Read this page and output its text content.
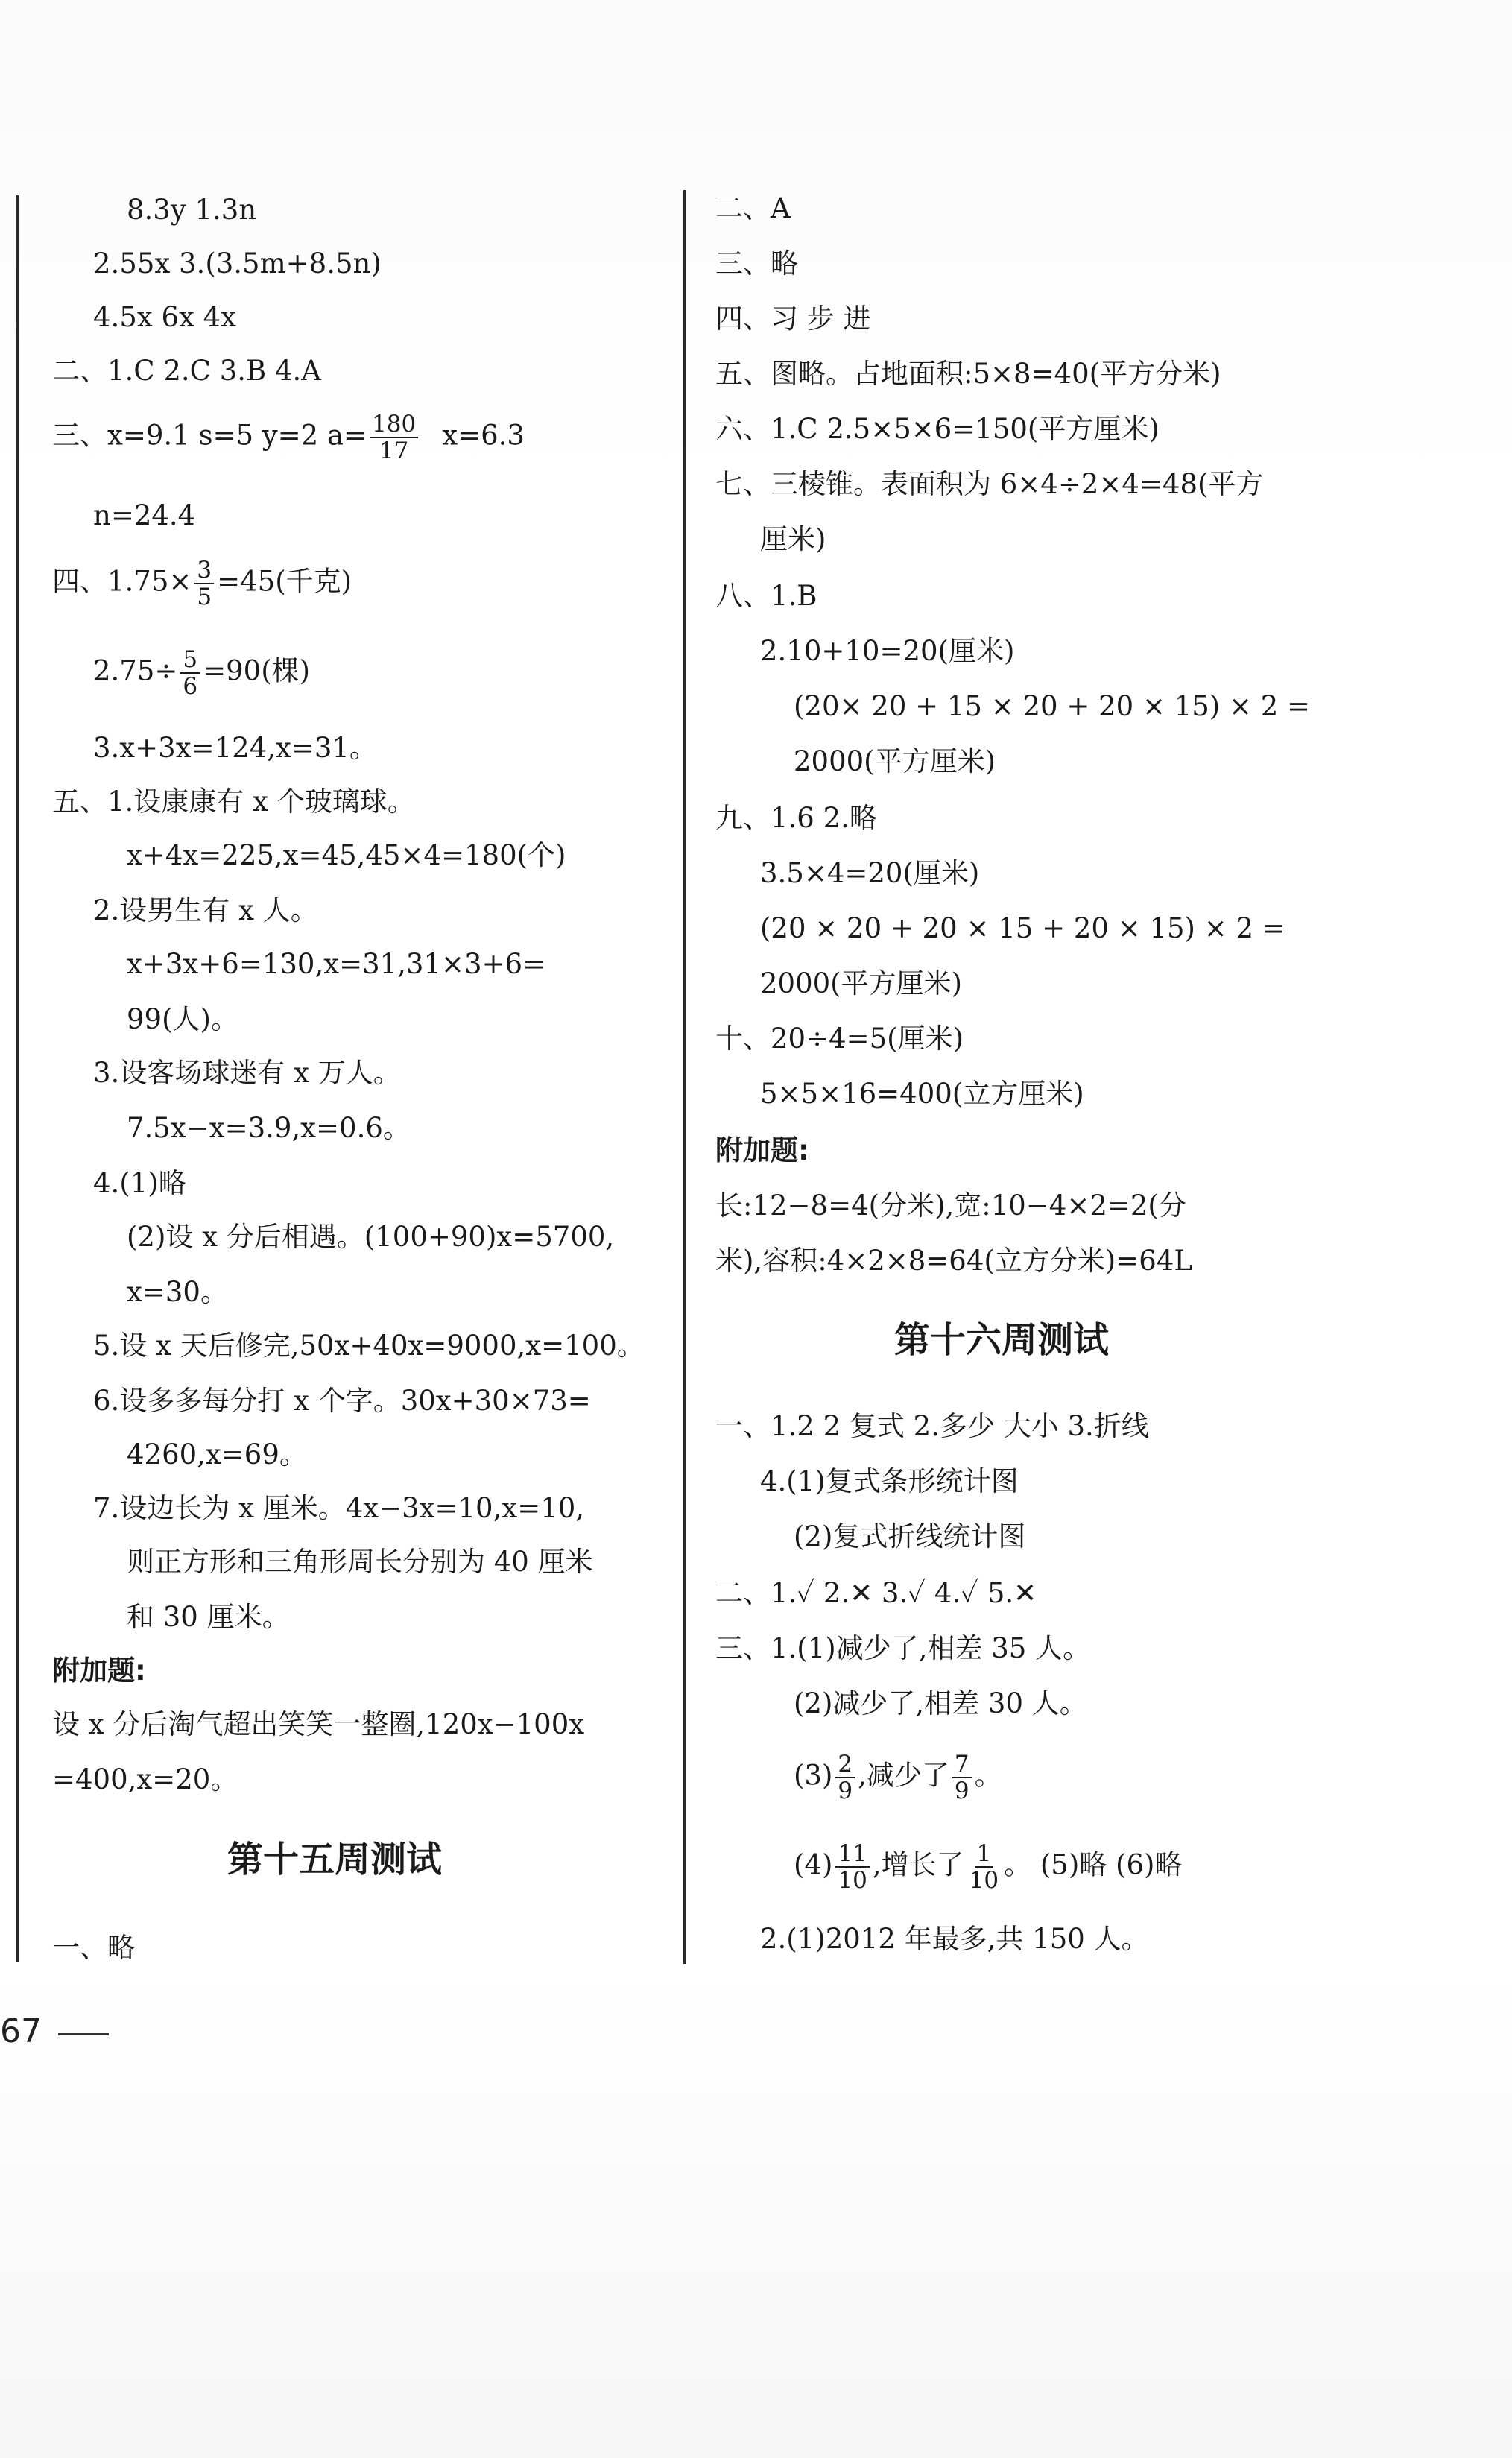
8.3y 1.3n
2.55x 3.(3.5m+8.5n)
4.5x 6x 4x
二、1.C 2.C 3.B 4.A
三、x=9.1 s=5 y=2 $a= \frac{180}{17} x=6.3$
n=24.4
四、$1.75\times \frac{3}{5} =45$(千克)
$2.75\div \frac{5}{6} =90$(棵)
3.x+3x=124,x=31。
五、1.设康康有 x 个玻璃球。
x+4x=225,x=45,45×4=180(个)
2.设男生有 x 人。
x+3x+6=130,x=31,31×3+6=
99(人)。
3.设客场球迷有 x 万人。
7.5x−x=3.9,x=0.6。
4.(1)略
(2)设 x 分后相遇。(100+90)x=5700,
x=30。
5.设 x 天后修完,50x+40x=9000,x=100。
6.设多多每分打 x 个字。30x+30×73=
4260,x=69。
7.设边长为 x 厘米。4x−3x=10,x=10,
则正方形和三角形周长分别为 40 厘米
和 30 厘米。
附加题:
设 x 分后淘气超出笑笑一整圈,120x−100x
=400,x=20。
第十五周测试
一、略
二、A
三、略
四、习 步 进
五、图略。占地面积:5×8=40(平方分米)
六、1.C 2.5×5×6=150(平方厘米)
七、三棱锥。表面积为 6×4÷2×4=48(平方
厘米)
八、1.B
2.10+10=20(厘米)
(20× 20 + 15 × 20 + 20 × 15) × 2 =
2000(平方厘米)
九、1.6 2.略
3.5×4=20(厘米)
(20 × 20 + 20 × 15 + 20 × 15) × 2 =
2000(平方厘米)
十、20÷4=5(厘米)
5×5×16=400(立方厘米)
附加题:
长:12−8=4(分米),宽:10−4×2=2(分
米),容积:4×2×8=64(立方分米)=64L
第十六周测试
一、1.2 2 复式 2.多少 大小 3.折线
4.(1)复式条形统计图
(2)复式折线统计图
二、1.✓ 2.✕ 3.✓ 4.✓ 5.✕
三、1.(1)减少了,相差 35 人。
(2)减少了,相差 30 人。
$(3) \frac{2}{9}$ ,减少了 $\frac{7}{9}$ 。
$(4) \frac{11}{10}$ ,增长了 $\frac{1}{10}$ 。 (5)略 (6)略
2.(1)2012 年最多,共 150 人。
67
